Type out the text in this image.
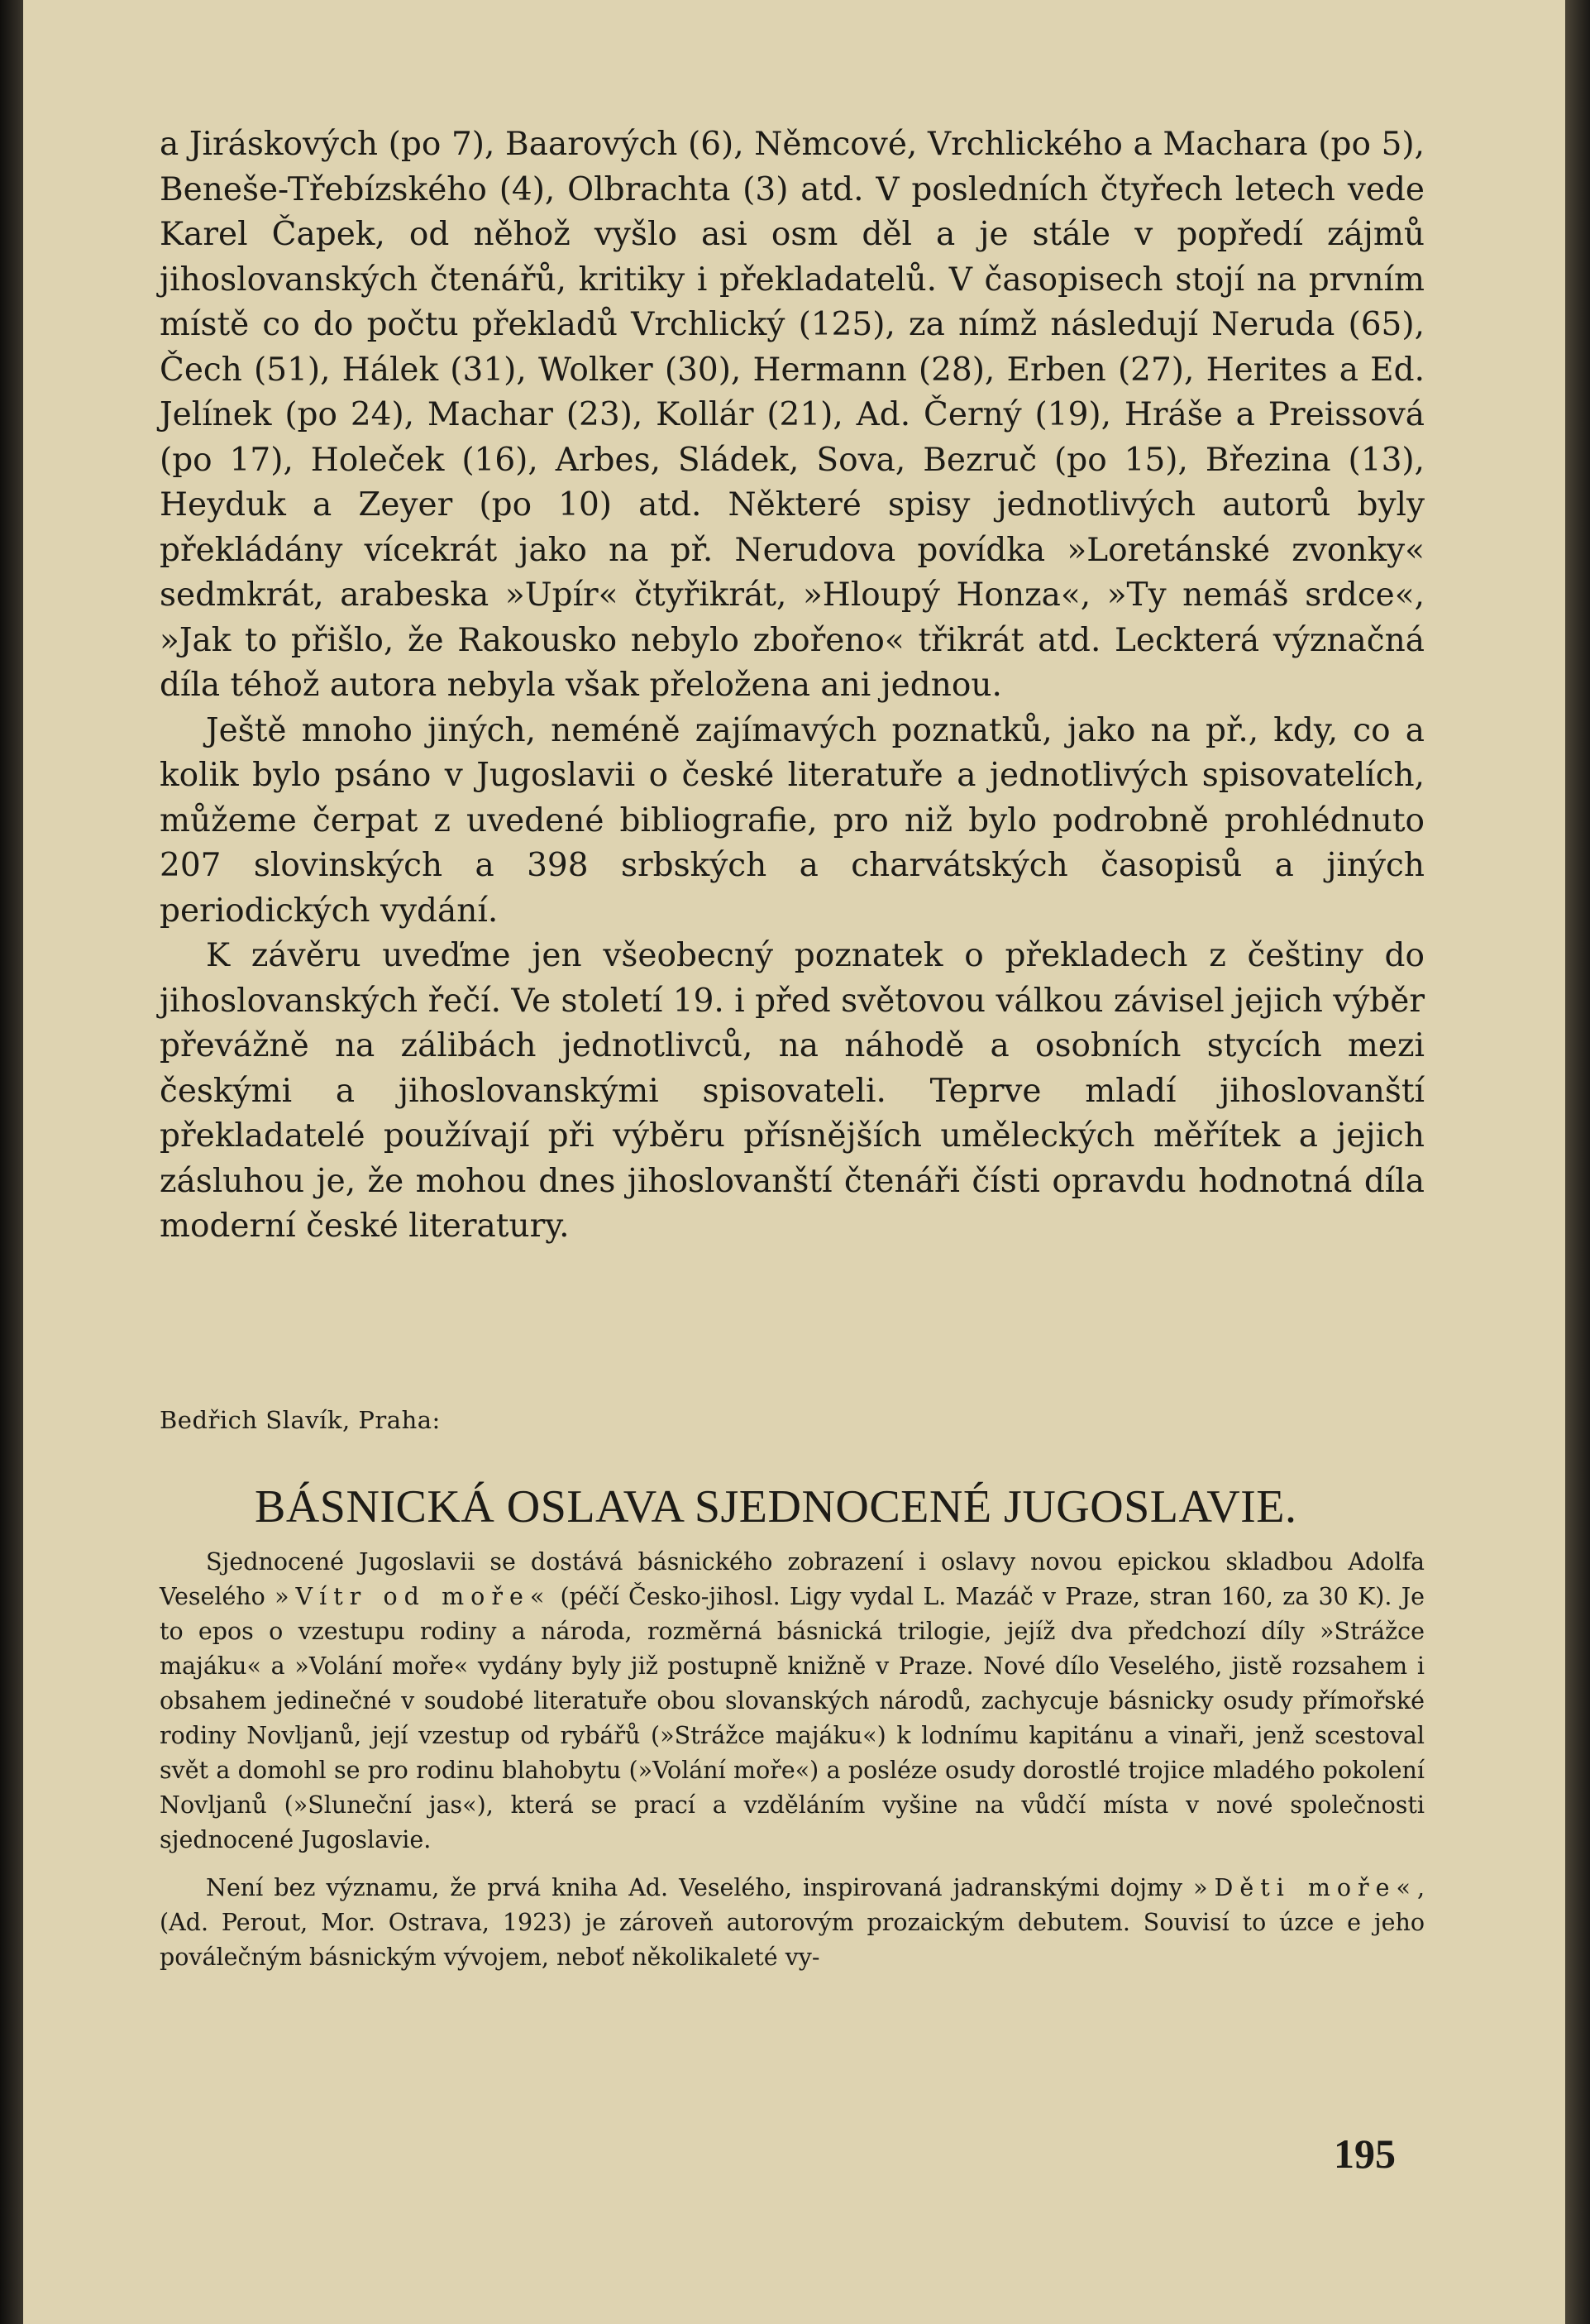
a Jiráskových (po 7), Baarových (6), Němcové, Vrchlického a Machara (po 5), Beneše-Třebízského (4), Olbrachta (3) atd. V posledních čtyřech letech vede Karel Čapek, od něhož vyšlo asi osm děl a je stále v popředí zájmů jihoslovanských čtenářů, kritiky i překladatelů. V časopisech stojí na prvním místě co do počtu překladů Vrchlický (125), za nímž následují Neruda (65), Čech (51), Hálek (31), Wolker (30), Hermann (28), Erben (27), Herites a Ed. Jelínek (po 24), Machar (23), Kollár (21), Ad. Černý (19), Hráše a Preissová (po 17), Holeček (16), Arbes, Sládek, Sova, Bezruč (po 15), Březina (13), Heyduk a Zeyer (po 10) atd. Některé spisy jednotlivých autorů byly překládány vícekrát jako na př. Nerudova povídka »Loretánské zvonky« sedmkrát, arabeska »Upír« čtyřikrát, »Hloupý Honza«, »Ty nemáš srdce«, »Jak to přišlo, že Rakousko nebylo zbořeno« třikrát atd. Leckterá význačná díla téhož autora nebyla však přeložena ani jednou.

Ještě mnoho jiných, neméně zajímavých poznatků, jako na př., kdy, co a kolik bylo psáno v Jugoslavii o české literatuře a jednotlivých spisovatelích, můžeme čerpat z uvedené bibliografie, pro niž bylo podrobně prohlédnuto 207 slovinských a 398 srbských a charvátských časopisů a jiných periodických vydání.

K závěru uveďme jen všeobecný poznatek o překladech z češtiny do jihoslovanských řečí. Ve století 19. i před světovou válkou závisel jejich výběr převážně na zálibách jednotlivců, na náhodě a osobních stycích mezi českými a jihoslovanskými spisovateli. Teprve mladí jihoslovanští překladatelé používají při výběru přísnějších uměleckých měřítek a jejich zásluhou je, že mohou dnes jihoslovanští čtenáři čísti opravdu hodnotná díla moderní české literatury.

Bedřich Slavík, Praha:
BÁSNICKÁ OSLAVA SJEDNOCENÉ JUGOSLAVIE.

Sjednocené Jugoslavii se dostává básnického zobrazení i oslavy novou epickou skladbou Adolfa Veselého »Vítr od moře« (péčí Česko-jihosl. Ligy vydal L. Mazáč v Praze, stran 160, za 30 K). Je to epos o vzestupu rodiny a národa, rozměrná básnická trilogie, jejíž dva předchozí díly »Strážce majáku« a »Volání moře« vydány byly již postupně knižně v Praze. Nové dílo Veselého, jistě rozsahem i obsahem jedinečné v soudobé literatuře obou slovanských národů, zachycuje básnicky osudy přímořské rodiny Novljanů, její vzestup od rybářů (»Strážce majáku«) k lodnímu kapitánu a vinaři, jenž scestoval svět a domohl se pro rodinu blahobytu (»Volání moře«) a posléze osudy dorostlé trojice mladého pokolení Novljanů (»Sluneční jas«), která se prací a vzděláním vyšine na vůdčí místa v nové společnosti sjednocené Jugoslavie.

Není bez významu, že prvá kniha Ad. Veselého, inspirovaná jadranskými dojmy »Děti moře«, (Ad. Perout, Mor. Ostrava, 1923) je zároveň autorovým prozaickým debutem. Souvisí to úzce e jeho poválečným básnickým vývojem, neboť několikaleté vy-

195
